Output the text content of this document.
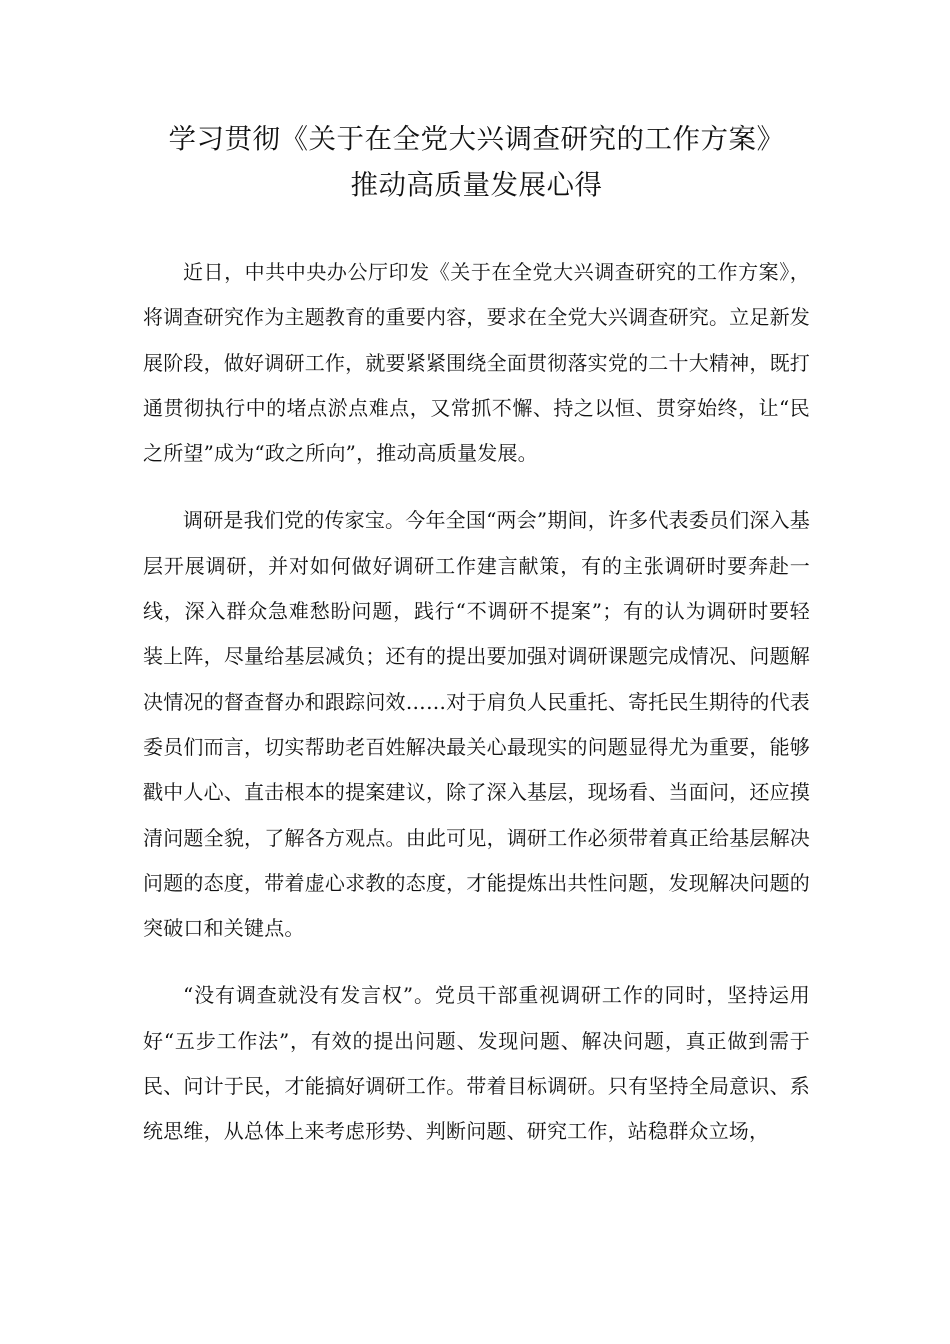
学习贯彻《关于在全党大兴调查研究的工作方案》
推动高质量发展心得

近日，中共中央办公厅印发《关于在全党大兴调查研究的工作方案》，将调查研究作为主题教育的重要内容，要求在全党大兴调查研究。立足新发展阶段，做好调研工作，就要紧紧围绕全面贯彻落实党的二十大精神，既打通贯彻执行中的堵点淤点难点，又常抓不懈、持之以恒、贯穿始终，让“民之所望”成为“政之所向”，推动高质量发展。

调研是我们党的传家宝。今年全国“两会”期间，许多代表委员们深入基层开展调研，并对如何做好调研工作建言献策，有的主张调研时要奔赴一线，深入群众急难愁盼问题，践行“不调研不提案”；有的认为调研时要轻装上阵，尽量给基层减负；还有的提出要加强对调研课题完成情况、问题解决情况的督查督办和跟踪问效……对于肩负人民重托、寄托民生期待的代表委员们而言，切实帮助老百姓解决最关心最现实的问题显得尤为重要，能够戳中人心、直击根本的提案建议，除了深入基层，现场看、当面问，还应摸清问题全貌，了解各方观点。由此可见，调研工作必须带着真正给基层解决问题的态度，带着虚心求教的态度，才能提炼出共性问题，发现解决问题的突破口和关键点。

“没有调查就没有发言权”。党员干部重视调研工作的同时，坚持运用好“五步工作法”，有效的提出问题、发现问题、解决问题，真正做到需于民、问计于民，才能搞好调研工作。带着目标调研。只有坚持全局意识、系统思维，从总体上来考虑形势、判断问题、研究工作，站稳群众立场，
